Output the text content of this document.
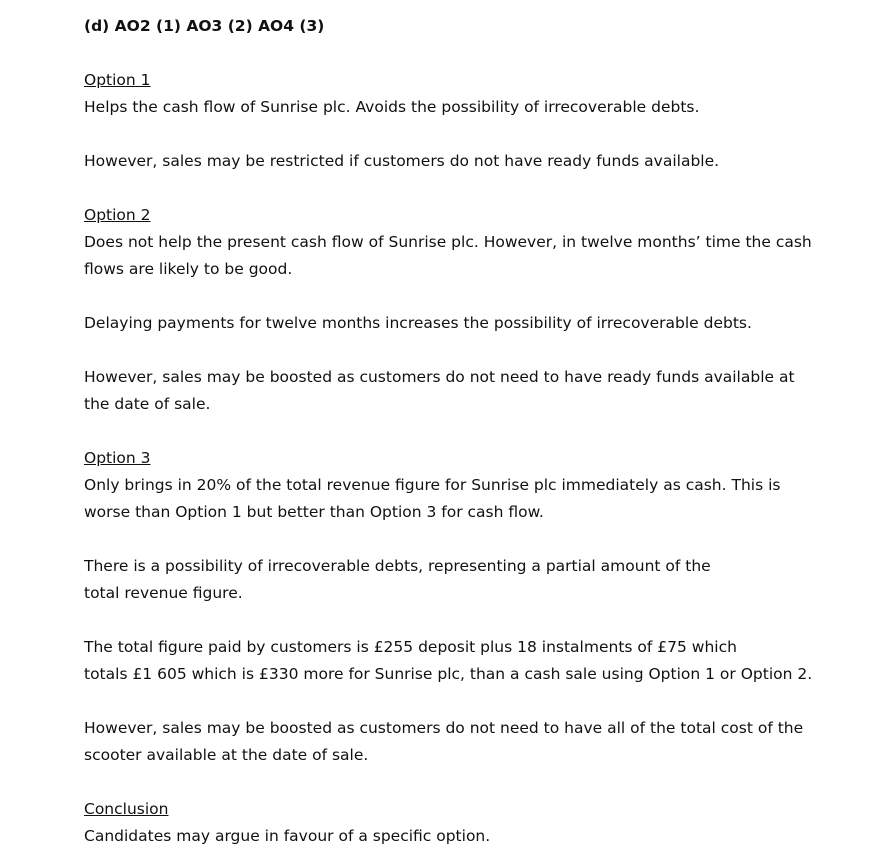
(d) AO2 (1) AO3 (2) AO4 (3)

Option 1

Helps the cash flow of Sunrise plc. Avoids the possibility of irrecoverable debts.

However, sales may be restricted if customers do not have ready funds available.

Option 2

Does not help the present cash flow of Sunrise plc. However, in twelve months’ time the cash
flows are likely to be good.

Delaying payments for twelve months increases the possibility of irrecoverable debts.

However, sales may be boosted as customers do not need to have ready funds available at
the date of sale.

Option 3

Only brings in 20% of the total revenue figure for Sunrise plc immediately as cash. This is
worse than Option 1 but better than Option 3 for cash flow.

There is a possibility of irrecoverable debts, representing a partial amount of the
total revenue figure.

The total figure paid by customers is £255 deposit plus 18 instalments of £75 which
totals £1 605 which is £330 more for Sunrise plc, than a cash sale using Option 1 or Option 2.

However, sales may be boosted as customers do not need to have all of the total cost of the
scooter available at the date of sale.

Conclusion

Candidates may argue in favour of a specific option.
